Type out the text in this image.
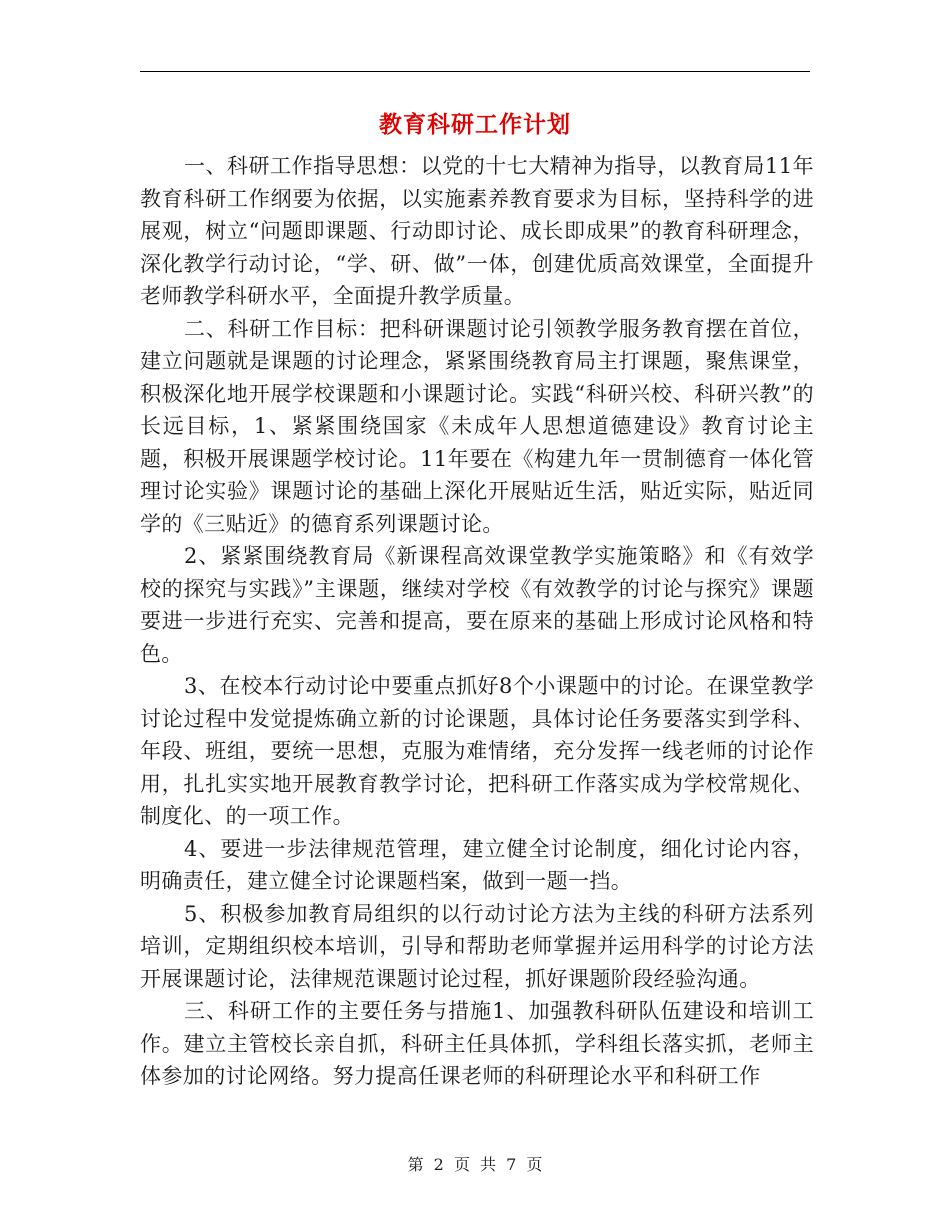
教育科研工作计划

一、科研工作指导思想：以党的十七大精神为指导，以教育局11年教育科研工作纲要为依据，以实施素养教育要求为目标，坚持科学的进展观，树立“问题即课题、行动即讨论、成长即成果”的教育科研理念，深化教学行动讨论，“学、研、做”一体，创建优质高效课堂，全面提升老师教学科研水平，全面提升教学质量。

二、科研工作目标：把科研课题讨论引领教学服务教育摆在首位，建立问题就是课题的讨论理念，紧紧围绕教育局主打课题，聚焦课堂，积极深化地开展学校课题和小课题讨论。实践“科研兴校、科研兴教”的长远目标，1、紧紧围绕国家《未成年人思想道德建设》教育讨论主题，积极开展课题学校讨论。11年要在《构建九年一贯制德育一体化管理讨论实验》课题讨论的基础上深化开展贴近生活，贴近实际，贴近同学的《三贴近》的德育系列课题讨论。

2、紧紧围绕教育局《新课程高效课堂教学实施策略》和《有效学校的探究与实践》”主课题，继续对学校《有效教学的讨论与探究》课题要进一步进行充实、完善和提高，要在原来的基础上形成讨论风格和特色。

3、在校本行动讨论中要重点抓好8个小课题中的讨论。在课堂教学讨论过程中发觉提炼确立新的讨论课题，具体讨论任务要落实到学科、年段、班组，要统一思想，克服为难情绪，充分发挥一线老师的讨论作用，扎扎实实地开展教育教学讨论，把科研工作落实成为学校常规化、制度化、的一项工作。

4、要进一步法律规范管理，建立健全讨论制度，细化讨论内容，明确责任，建立健全讨论课题档案，做到一题一挡。

5、积极参加教育局组织的以行动讨论方法为主线的科研方法系列培训，定期组织校本培训，引导和帮助老师掌握并运用科学的讨论方法开展课题讨论，法律规范课题讨论过程，抓好课题阶段经验沟通。

三、科研工作的主要任务与措施1、加强教科研队伍建设和培训工作。建立主管校长亲自抓，科研主任具体抓，学科组长落实抓，老师主体参加的讨论网络。努力提高任课老师的科研理论水平和科研工作

第 2 页 共 7 页
